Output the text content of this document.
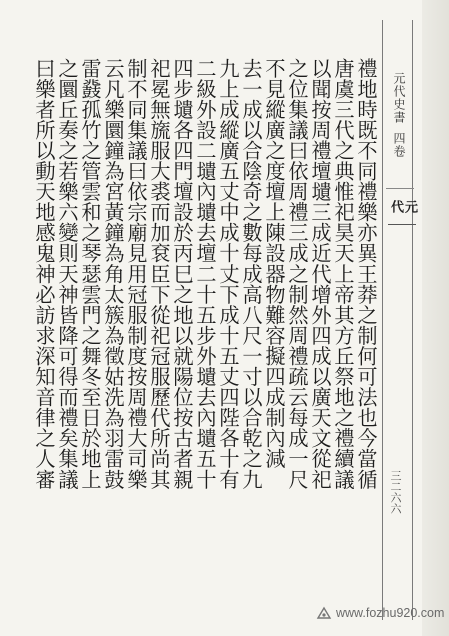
元代史書四卷
元代
三二六六
禮地時既不同禮樂亦異王莽之制何可法也今當循
唐虞三代之典惟祀昊天上帝其方丘祭地之禮續議
以聞按周禮壇壝三成近代增外四成以廣天文從祀
之位集議曰依周禮三成之制然周禮疏云每成一尺
不見縱廣之度壇上陳設器物難容擬四成制內減
去一成以合陰奇之數每成高八尺一寸以合乾之九
九上成縱廣五丈中成十丈下成十五丈四陛各十有
二級外設二壝內壝去壇二十五步外壝去內壝五十
四步壝各四門壇設於丙巳之地以就陽位按古者親
祀冕無旒服大裘而加袞臣下從祀冠服歷代所尚其
制不同集議曰依宗廟見用冠服制度按周禮大司樂
云凡樂圜鐘為宮黃鐘為角太簇為徵姑洗為羽雷鼓
雷鼗孤竹之管雲和之琴瑟雲門之舞冬至日於地上
之圜丘奏之若樂六變則天神皆降可得而禮矣集議
曰樂者所以動天地感鬼神必訪求深知音律之人審
www.fozhu920.com
